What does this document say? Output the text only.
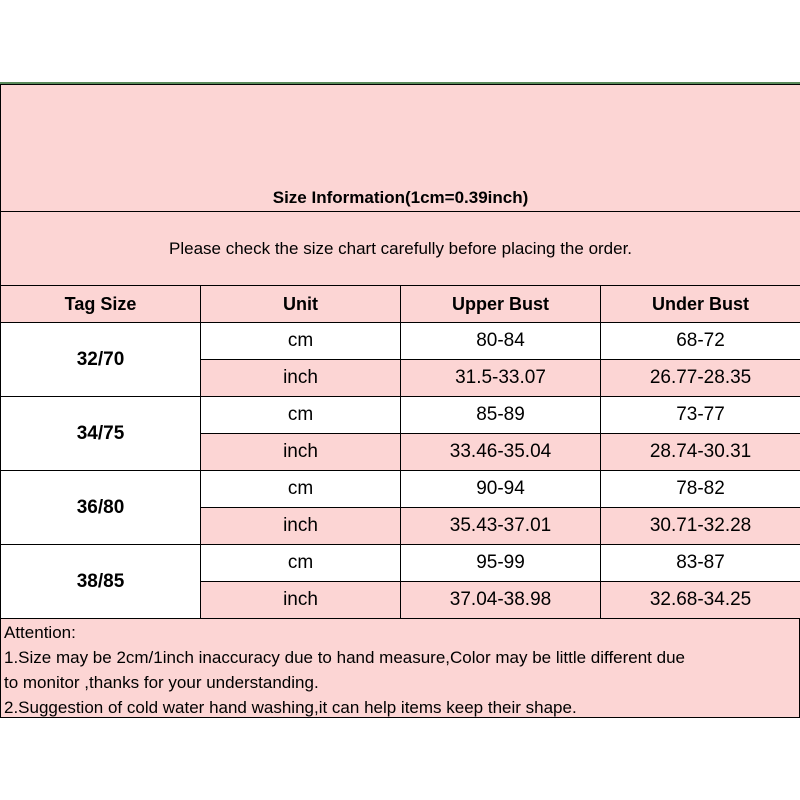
Size Information(1cm=0.39inch)			
Please check the size chart carefully before placing the order.			
Tag Size	Unit	Upper Bust	Under Bust
32/70	cm	80-84	68-72
	inch	31.5-33.07	26.77-28.35
34/75	cm	85-89	73-77
	inch	33.46-35.04	28.74-30.31
36/80	cm	90-94	78-82
	inch	35.43-37.01	30.71-32.28
38/85	cm	95-99	83-87
	inch	37.04-38.98	32.68-34.25
Attention:
1.Size may be 2cm/1inch inaccuracy due to hand measure,Color may be little different due
to monitor ,thanks for your understanding.
2.Suggestion of cold water hand washing,it can help items keep their shape.
